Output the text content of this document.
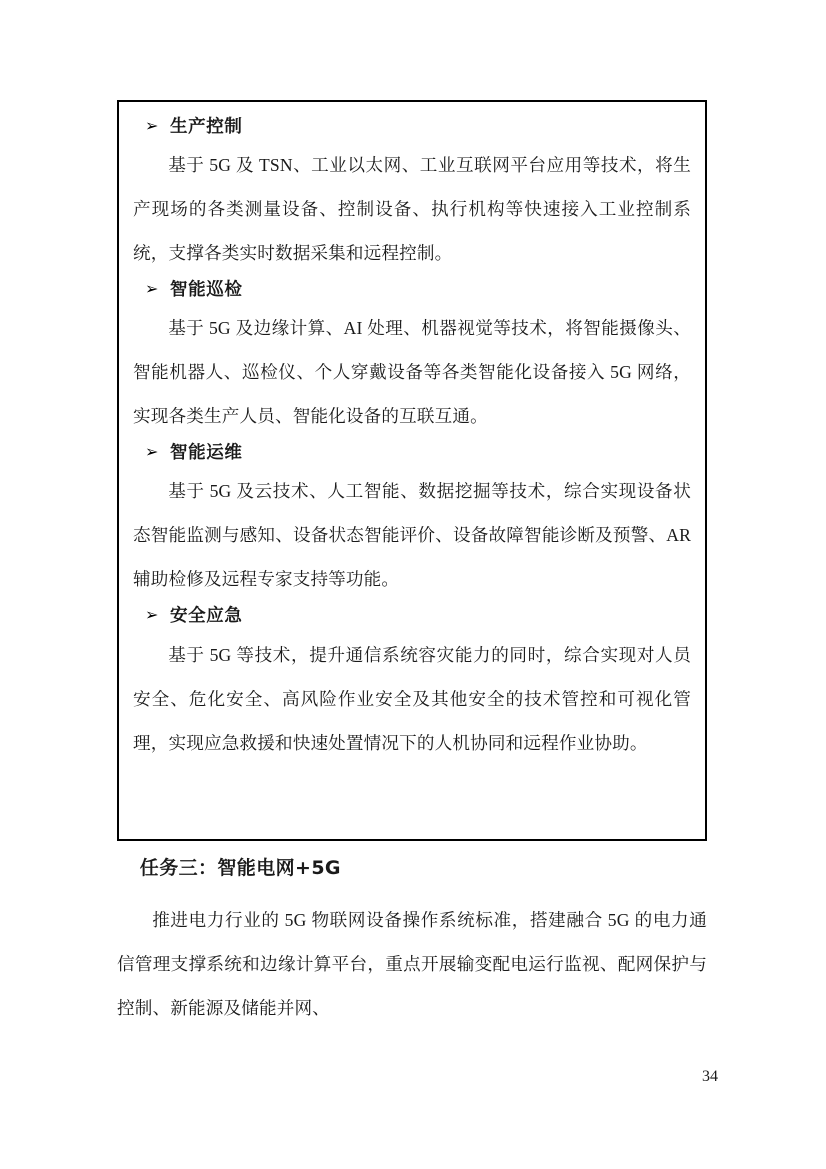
➢ 生产控制

基于 5G 及 TSN、工业以太网、工业互联网平台应用等技术，将生产现场的各类测量设备、控制设备、执行机构等快速接入工业控制系统，支撑各类实时数据采集和远程控制。

➢ 智能巡检

基于 5G 及边缘计算、AI 处理、机器视觉等技术，将智能摄像头、智能机器人、巡检仪、个人穿戴设备等各类智能化设备接入 5G 网络，实现各类生产人员、智能化设备的互联互通。

➢ 智能运维

基于 5G 及云技术、人工智能、数据挖掘等技术，综合实现设备状态智能监测与感知、设备状态智能评价、设备故障智能诊断及预警、AR 辅助检修及远程专家支持等功能。

➢ 安全应急

基于 5G 等技术，提升通信系统容灾能力的同时，综合实现对人员安全、危化安全、高风险作业安全及其他安全的技术管控和可视化管理，实现应急救援和快速处置情况下的人机协同和远程作业协助。

任务三：智能电网+5G
推进电力行业的 5G 物联网设备操作系统标准，搭建融合 5G 的电力通信管理支撑系统和边缘计算平台，重点开展输变配电运行监视、配网保护与控制、新能源及储能并网、
34
